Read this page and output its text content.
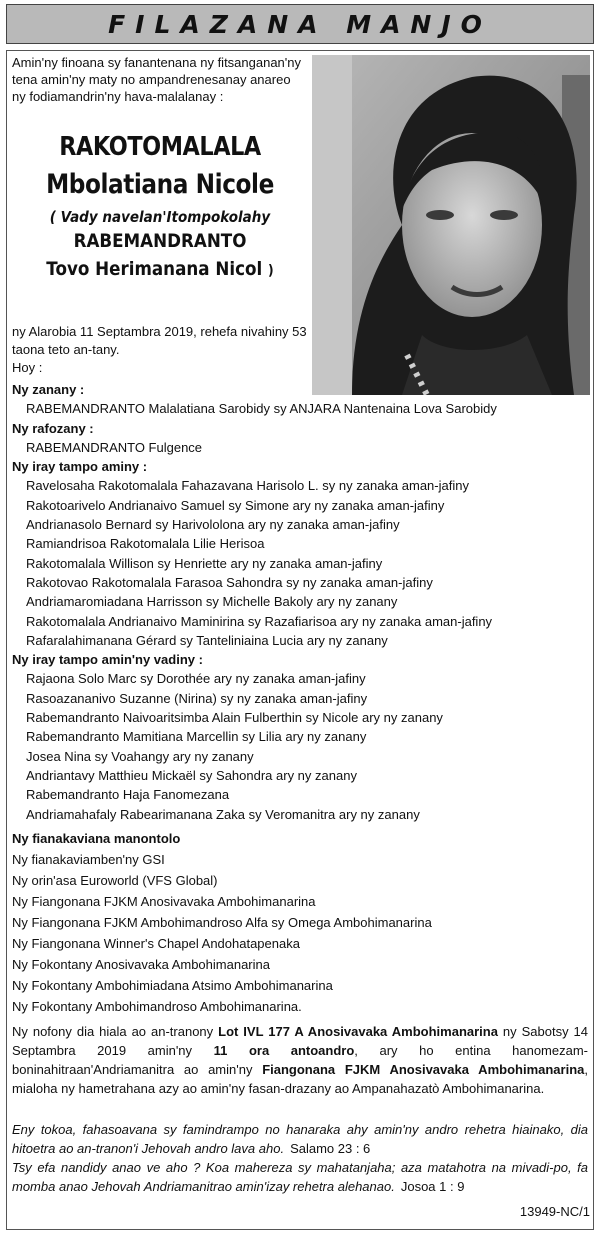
FILAZANA MANJO
Amin'ny finoana sy fanantenana ny fitsanganan'ny tena amin'ny maty no ampandrenesanay anareo ny fodiamandrin'ny hava-malalanay :
RAKOTOMALALA
Mbolatiana Nicole
( Vady navelan'Itompokolahy
RABEMANDRANTO
Tovo Herimanana Nicol )
ny Alarobia 11 Septambra 2019, rehefa nivahiny 53 taona teto an-tany.
Hoy :
Ny zanany :
RABEMANDRANTO Malalatiana Sarobidy sy ANJARA Nantenaina Lova Sarobidy
Ny rafozany :
RABEMANDRANTO Fulgence
Ny iray tampo aminy :
Ravelosaha Rakotomalala Fahazavana Harisolo L. sy ny zanaka aman-jafiny
Rakotoarivelo Andrianaivo Samuel sy Simone ary ny zanaka aman-jafiny
Andrianasolo Bernard sy Harivololona ary ny zanaka aman-jafiny
Ramiandrisoa Rakotomalala Lilie Herisoa
Rakotomalala Willison sy Henriette ary ny zanaka aman-jafiny
Rakotovao Rakotomalala Farasoa Sahondra sy ny zanaka aman-jafiny
Andriamaromiadana Harrisson sy Michelle Bakoly ary ny zanany
Rakotomalala Andrianaivo Maminirina sy Razafiarisoa ary ny zanaka aman-jafiny
Rafaralahimanana Gérard sy Tanteliniaina Lucia ary ny zanany
Ny iray tampo amin'ny vadiny :
Rajaona Solo Marc sy Dorothée ary ny zanaka aman-jafiny
Rasoazananivo Suzanne (Nirina) sy ny zanaka aman-jafiny
Rabemandranto Naivoaritsimba Alain Fulberthin sy Nicole ary ny zanany
Rabemandranto Mamitiana Marcellin sy Lilia ary ny zanany
Josea Nina sy Voahangy ary ny zanany
Andriantavy Matthieu Mickaël sy Sahondra ary ny zanany
Rabemandranto Haja Fanomezana
Andriamahafaly Rabearimanana Zaka sy Veromanitra ary ny zanany
Ny fianakaviana manontolo
Ny fianakaviamben'ny GSI
Ny orin'asa Euroworld (VFS Global)
Ny Fiangonana FJKM Anosivavaka Ambohimanarina
Ny Fiangonana FJKM Ambohimandroso Alfa sy Omega Ambohimanarina
Ny Fiangonana Winner's Chapel Andohatapenaka
Ny Fokontany Anosivavaka Ambohimanarina
Ny Fokontany Ambohimiadana Atsimo Ambohimanarina
Ny Fokontany Ambohimandroso Ambohimanarina.
Ny nofony dia hiala ao an-tranony Lot IVL 177 A Anosivavaka Ambohimanarina ny Sabotsy 14 Septambra 2019 amin'ny 11 ora antoandro, ary ho entina hanomezam-boninahitraan'Andriamanitra ao amin'ny Fiangonana FJKM Anosivavaka Ambohimanarina, mialoha ny hametrahana azy ao amin'ny fasan-drazany ao Ampanahazatò Ambohimanarina.
Eny tokoa, fahasoavana sy famindrampo no hanaraka ahy amin'ny andro rehetra hiainako, dia hitoetra ao an-tranon'i Jehovah andro lava aho. Salamo 23 : 6
Tsy efa nandidy anao ve aho ? Koa mahereza sy mahatanjaha; aza matahotra na mivadi-po, fa momba anao Jehovah Andriamanitrao amin'izay rehetra alehanao. Josoa 1 : 9
13949-NC/1
